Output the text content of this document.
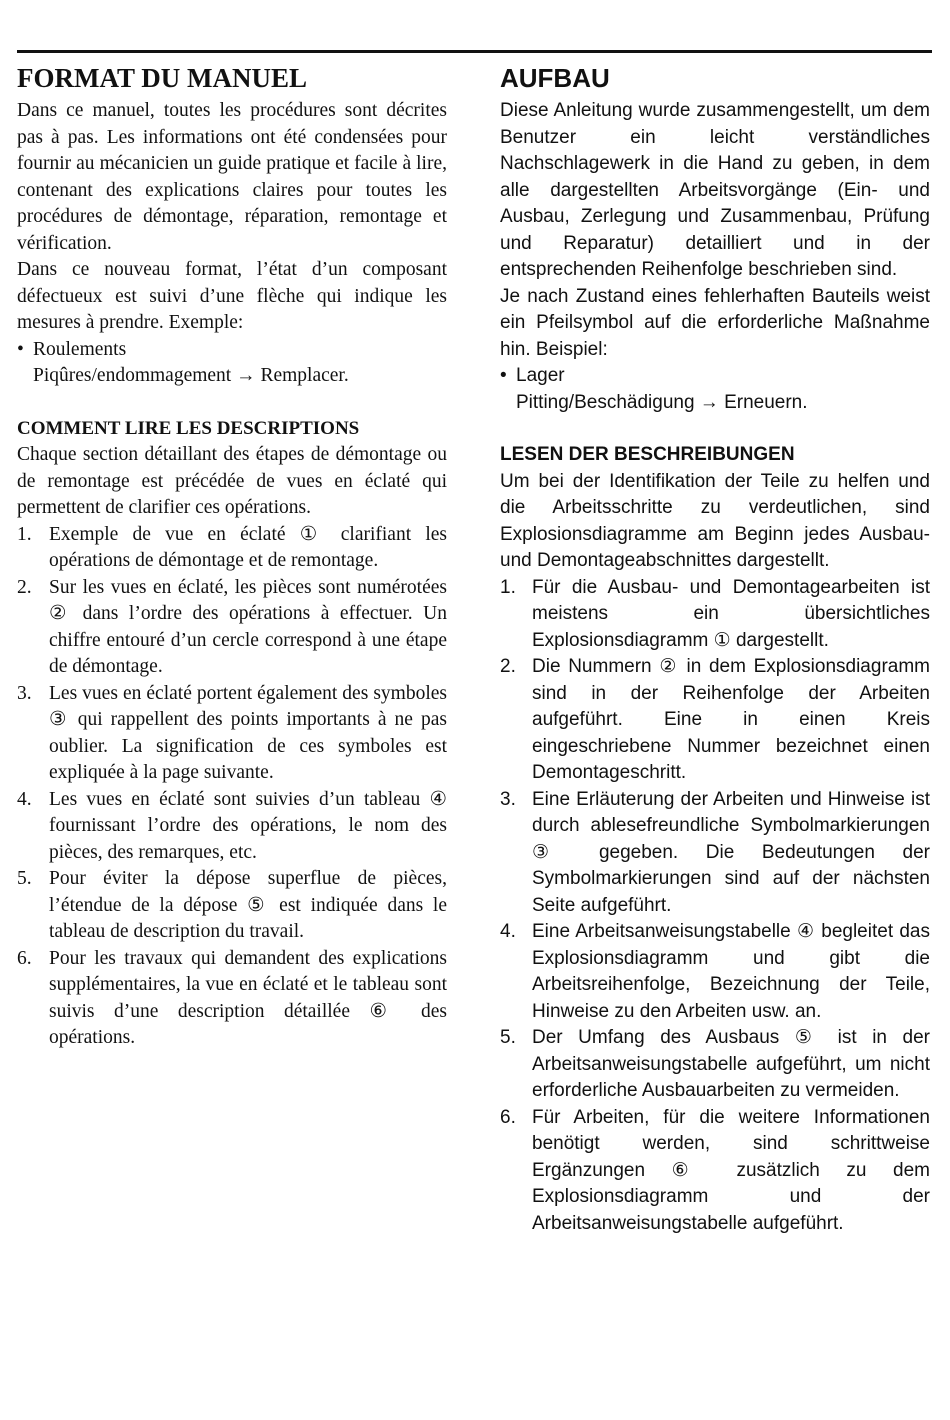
FORMAT DU MANUEL

Dans ce manuel, toutes les procédures sont décrites pas à pas. Les informations ont été condensées pour fournir au mécanicien un guide pratique et facile à lire, contenant des explications claires pour toutes les procédures de démontage, réparation, remontage et vérification.

Dans ce nouveau format, l’état d’un composant défectueux est suivi d’une flèche qui indique les mesures à prendre. Exemple:

• Roulements

Piqûres/endommagement → Remplacer.

COMMENT LIRE LES DESCRIPTIONS

Chaque section détaillant des étapes de démontage ou de remontage est précédée de vues en éclaté qui permettent de clarifier ces opérations.

1. Exemple de vue en éclaté ① clarifiant les opérations de démontage et de remontage.
2. Sur les vues en éclaté, les pièces sont numérotées ② dans l’ordre des opérations à effectuer. Un chiffre entouré d’un cercle correspond à une étape de démontage.
3. Les vues en éclaté portent également des symboles ③ qui rappellent des points importants à ne pas oublier. La signification de ces symboles est expliquée à la page suivante.
4. Les vues en éclaté sont suivies d’un tableau ④ fournissant l’ordre des opérations, le nom des pièces, des remarques, etc.
5. Pour éviter la dépose superflue de pièces, l’étendue de la dépose ⑤ est indiquée dans le tableau de description du travail.
6. Pour les travaux qui demandent des explications supplémentaires, la vue en éclaté et le tableau sont suivis d’une description détaillée ⑥ des opérations.
AUFBAU

Diese Anleitung wurde zusammengestellt, um dem Benutzer ein leicht verständliches Nachschlagewerk in die Hand zu geben, in dem alle dargestellten Arbeitsvorgänge (Ein- und Ausbau, Zerlegung und Zusammenbau, Prüfung und Reparatur) detailliert und in der entsprechenden Reihenfolge beschrieben sind.

Je nach Zustand eines fehlerhaften Bauteils weist ein Pfeilsymbol auf die erforderliche Maßnahme hin. Beispiel:

• Lager

Pitting/Beschädigung → Erneuern.

LESEN DER BESCHREIBUNGEN

Um bei der Identifikation der Teile zu helfen und die Arbeitsschritte zu verdeutlichen, sind Explosionsdiagramme am Beginn jedes Ausbau- und Demontageabschnittes dargestellt.

1. Für die Ausbau- und Demontagearbeiten ist meistens ein übersichtliches Explosionsdiagramm ① dargestellt.
2. Die Nummern ② in dem Explosionsdiagramm sind in der Reihenfolge der Arbeiten aufgeführt. Eine in einen Kreis eingeschriebene Nummer bezeichnet einen Demontageschritt.
3. Eine Erläuterung der Arbeiten und Hinweise ist durch ablesefreundliche Symbolmarkierungen ③ gegeben. Die Bedeutungen der Symbolmarkierungen sind auf der nächsten Seite aufgeführt.
4. Eine Arbeitsanweisungstabelle ④ begleitet das Explosionsdiagramm und gibt die Arbeitsreihenfolge, Bezeichnung der Teile, Hinweise zu den Arbeiten usw. an.
5. Der Umfang des Ausbaus ⑤ ist in der Arbeitsanweisungstabelle aufgeführt, um nicht erforderliche Ausbauarbeiten zu vermeiden.
6. Für Arbeiten, für die weitere Informationen benötigt werden, sind schrittweise Ergänzungen ⑥ zusätzlich zu dem Explosionsdiagramm und der Arbeitsanweisungstabelle aufgeführt.
